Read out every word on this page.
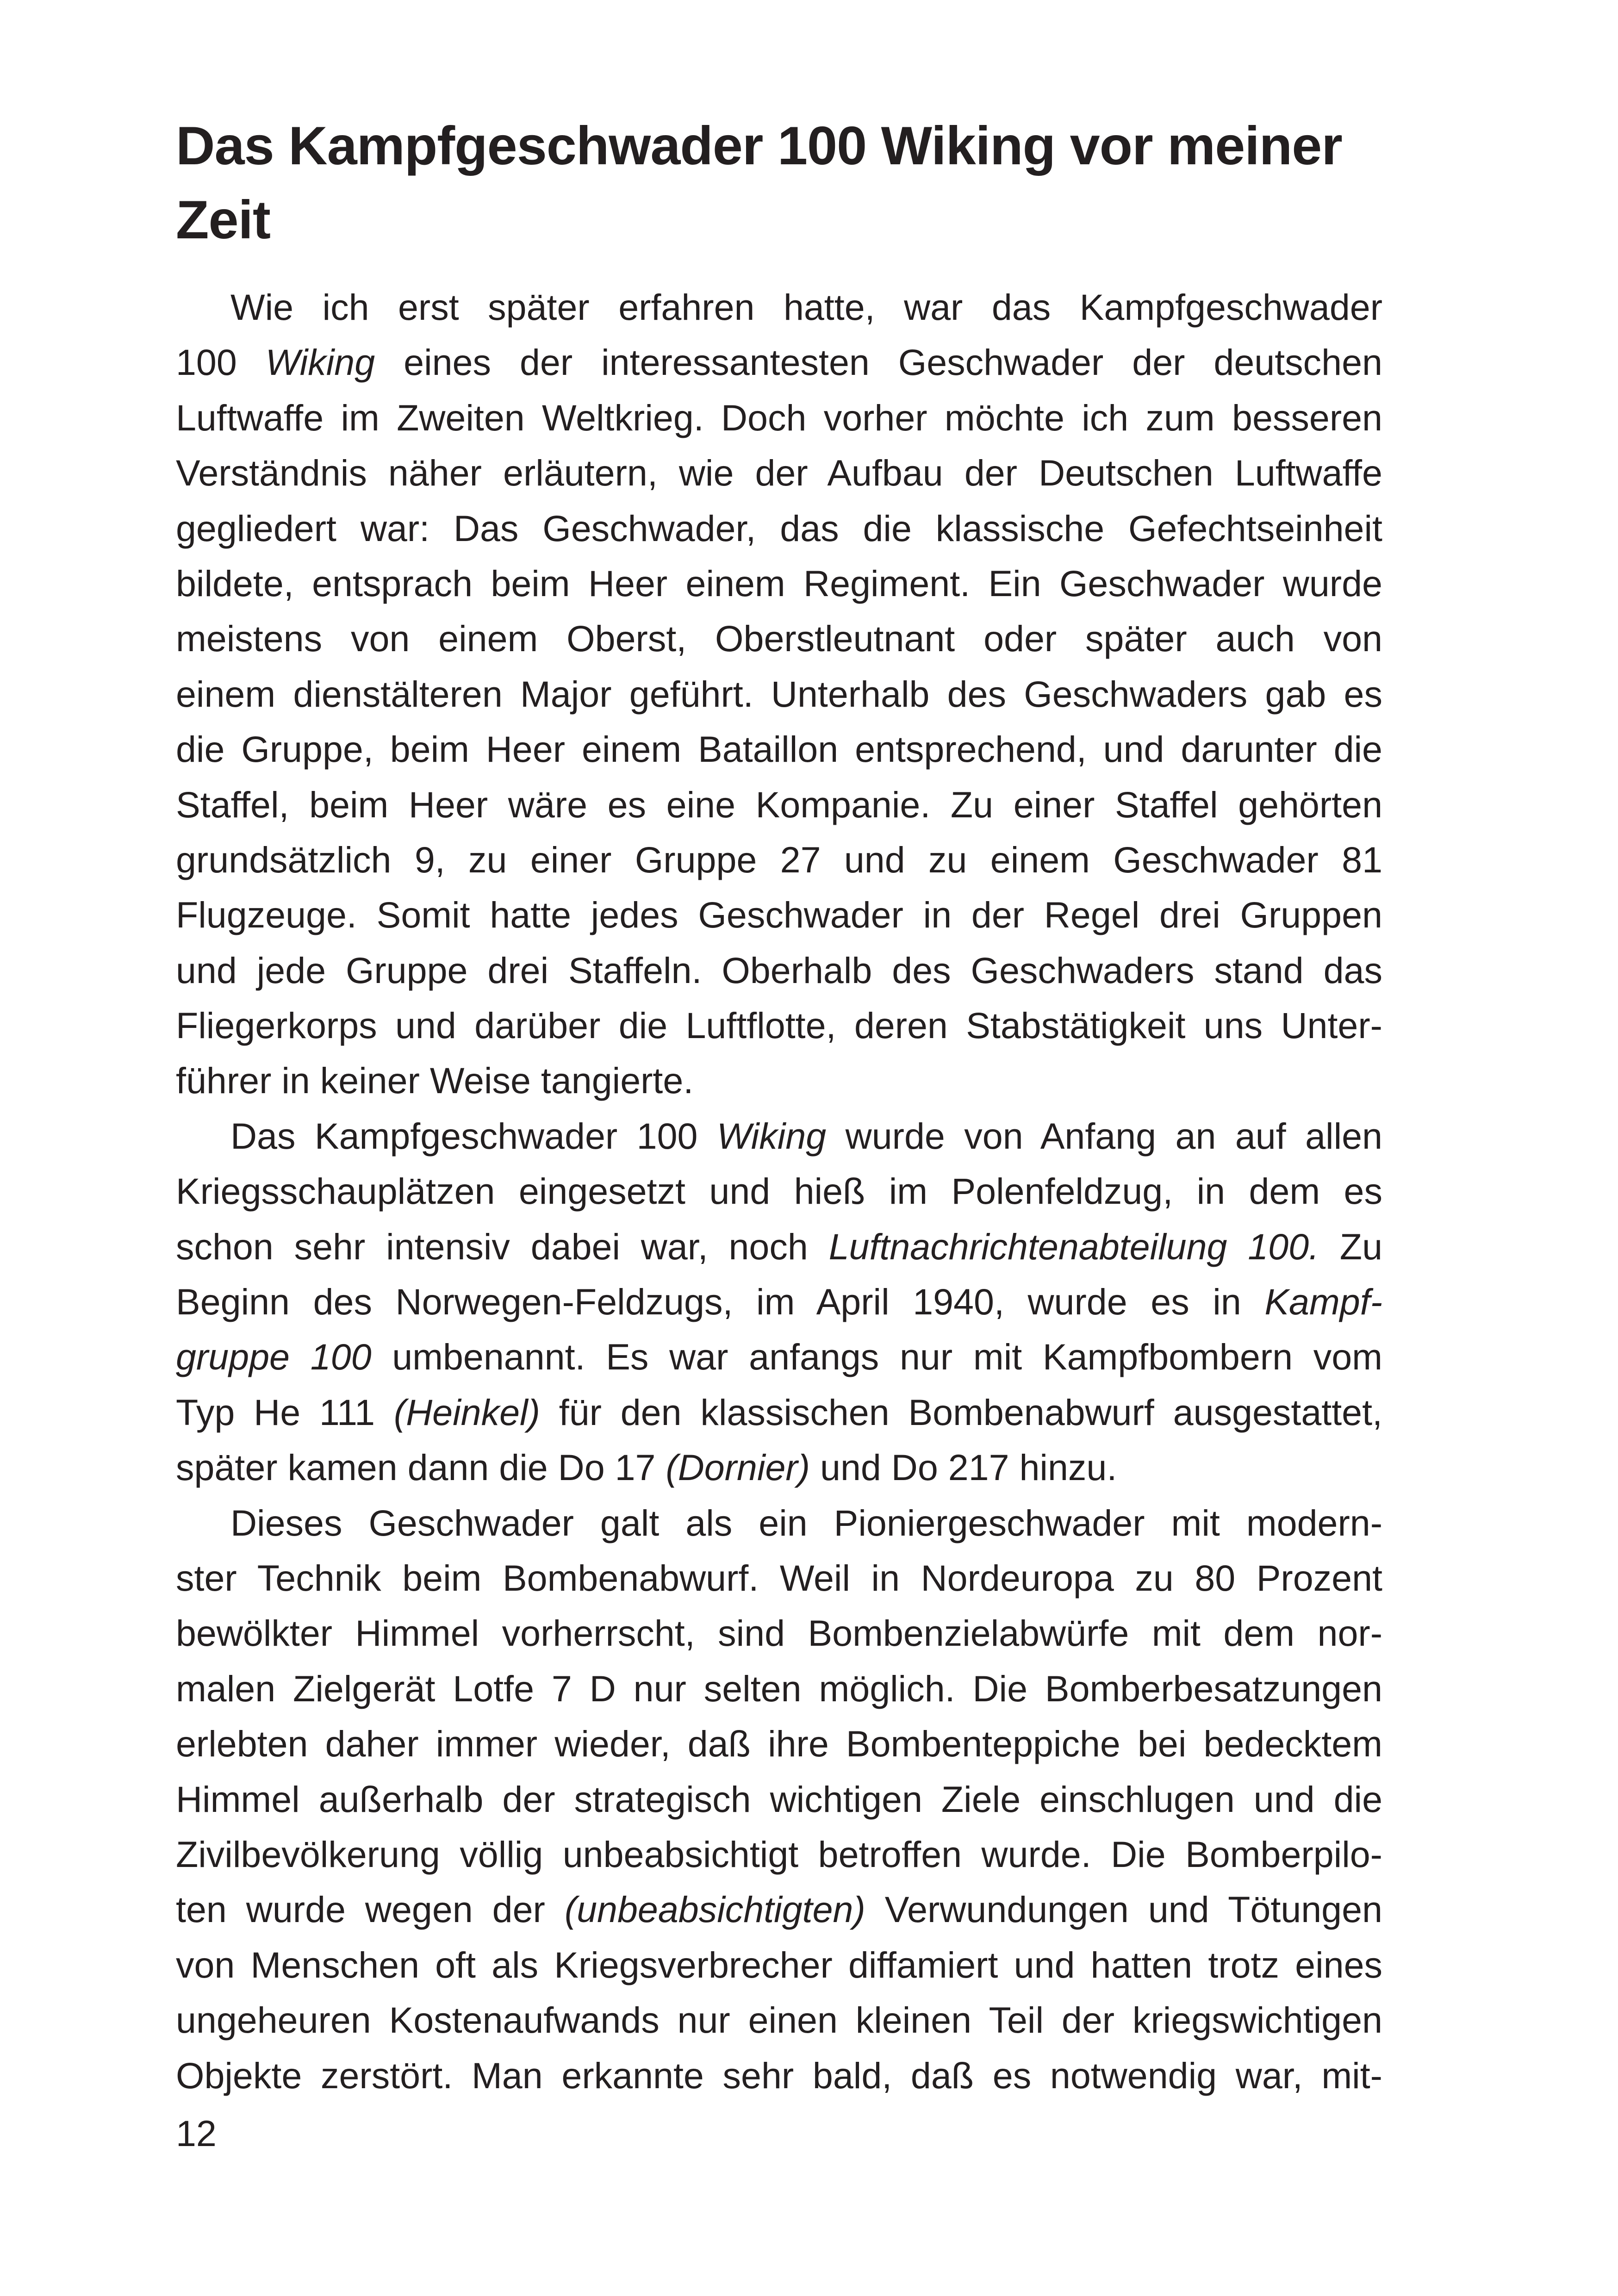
Das Kampfgeschwader 100 Wiking vor meiner Zeit
Wie ich erst später erfahren hatte, war das Kampfgeschwader
100 Wiking eines der interessantesten Geschwader der deutschen
Luftwaffe im Zweiten Weltkrieg. Doch vorher möchte ich zum besseren
Verständnis näher erläutern, wie der Aufbau der Deutschen Luftwaffe
gegliedert war: Das Geschwader, das die klassische Gefechtseinheit
bildete, entsprach beim Heer einem Regiment. Ein Geschwader wurde
meistens von einem Oberst, Oberstleutnant oder später auch von
einem dienstälteren Major geführt. Unterhalb des Geschwaders gab es
die Gruppe, beim Heer einem Bataillon entsprechend, und darunter die
Staffel, beim Heer wäre es eine Kompanie. Zu einer Staffel gehörten
grundsätzlich 9, zu einer Gruppe 27 und zu einem Geschwader 81
Flugzeuge. Somit hatte jedes Geschwader in der Regel drei Gruppen
und jede Gruppe drei Staffeln. Oberhalb des Geschwaders stand das
Fliegerkorps und darüber die Luftflotte, deren Stabstätigkeit uns Unter-
führer in keiner Weise tangierte.
Das Kampfgeschwader 100 Wiking wurde von Anfang an auf allen
Kriegsschauplätzen eingesetzt und hieß im Polenfeldzug, in dem es
schon sehr intensiv dabei war, noch Luftnachrichtenabteilung 100. Zu
Beginn des Norwegen-Feldzugs, im April 1940, wurde es in Kampf-
gruppe 100 umbenannt. Es war anfangs nur mit Kampfbombern vom
Typ He 111 (Heinkel) für den klassischen Bombenabwurf ausgestattet,
später kamen dann die Do 17 (Dornier) und Do 217 hinzu.
Dieses Geschwader galt als ein Pioniergeschwader mit modern-
ster Technik beim Bombenabwurf. Weil in Nordeuropa zu 80 Prozent
bewölkter Himmel vorherrscht, sind Bombenzielabwürfe mit dem nor-
malen Zielgerät Lotfe 7 D nur selten möglich. Die Bomberbesatzungen
erlebten daher immer wieder, daß ihre Bombenteppiche bei bedecktem
Himmel außerhalb der strategisch wichtigen Ziele einschlugen und die
Zivilbevölkerung völlig unbeabsichtigt betroffen wurde. Die Bomberpilo-
ten wurde wegen der (unbeabsichtigten) Verwundungen und Tötungen
von Menschen oft als Kriegsverbrecher diffamiert und hatten trotz eines
ungeheuren Kostenaufwands nur einen kleinen Teil der kriegswichtigen
Objekte zerstört. Man erkannte sehr bald, daß es notwendig war, mit-
12
